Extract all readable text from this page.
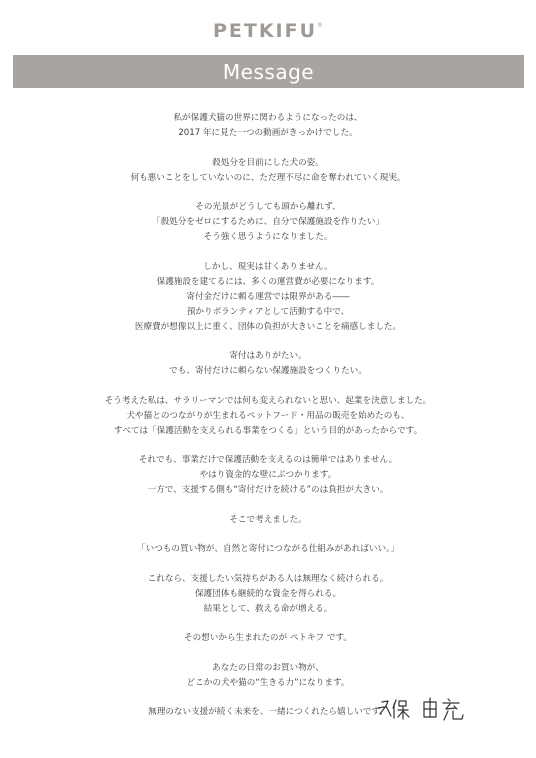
PETKIFU®
Message
私が保護犬猫の世界に関わるようになったのは、
2017 年に見た一つの動画がきっかけでした。
殺処分を目前にした犬の姿。
何も悪いことをしていないのに、ただ理不尽に命を奪われていく現実。
その光景がどうしても頭から離れず、
「殺処分をゼロにするために、自分で保護施設を作りたい」
そう強く思うようになりました。
しかし、現実は甘くありません。
保護施設を建てるには、多くの運営費が必要になります。
寄付金だけに頼る運営では限界がある――
預かりボランティアとして活動する中で、
医療費が想像以上に重く、団体の負担が大きいことを痛感しました。
寄付はありがたい。
でも、寄付だけに頼らない保護施設をつくりたい。
そう考えた私は、サラリーマンでは何も変えられないと思い、起業を決意しました。
犬や猫とのつながりが生まれるペットフード・用品の販売を始めたのも、
すべては「保護活動を支えられる事業をつくる」という目的があったからです。
それでも、事業だけで保護活動を支えるのは簡単ではありません。
やはり資金的な壁にぶつかります。
一方で、支援する側も“寄付だけを続ける”のは負担が大きい。
そこで考えました。
「いつもの買い物が、自然と寄付につながる仕組みがあればいい。」
これなら、支援したい気持ちがある人は無理なく続けられる。
保護団体も継続的な資金を得られる。
結果として、救える命が増える。
その想いから生まれたのが ペトキフ です。
あなたの日常のお買い物が、
どこかの犬や猫の“生きる力”になります。
無理のない支援が続く未来を、一緒につくれたら嬉しいです。
